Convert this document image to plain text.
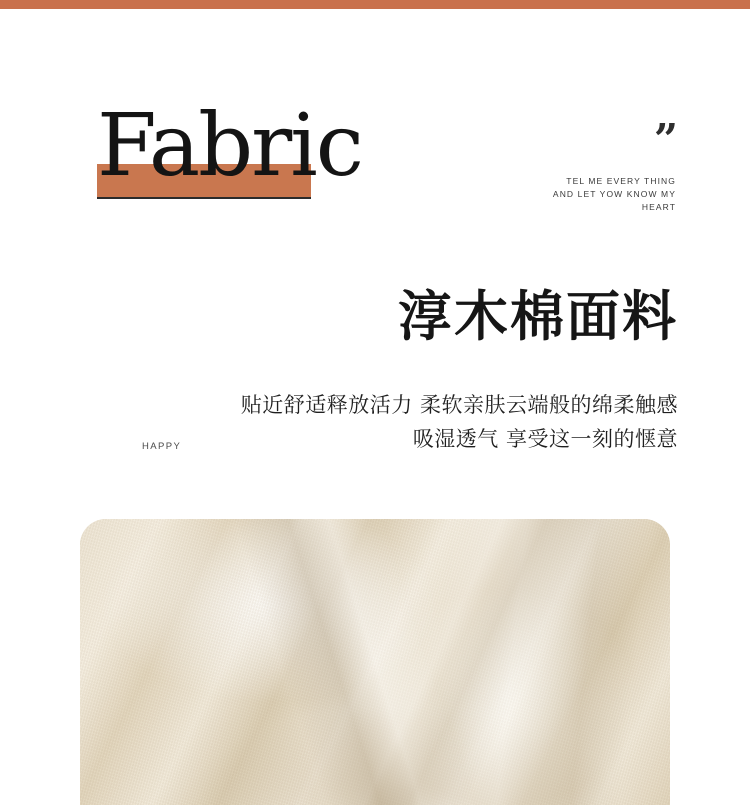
Fabric	”
TEL ME EVERY THING
AND LET YOW KNOW MY HEART
淳木棉面料
贴近舒适释放活力 柔软亲肤云端般的绵柔触感
吸湿透气 享受这一刻的惬意
HAPPY
